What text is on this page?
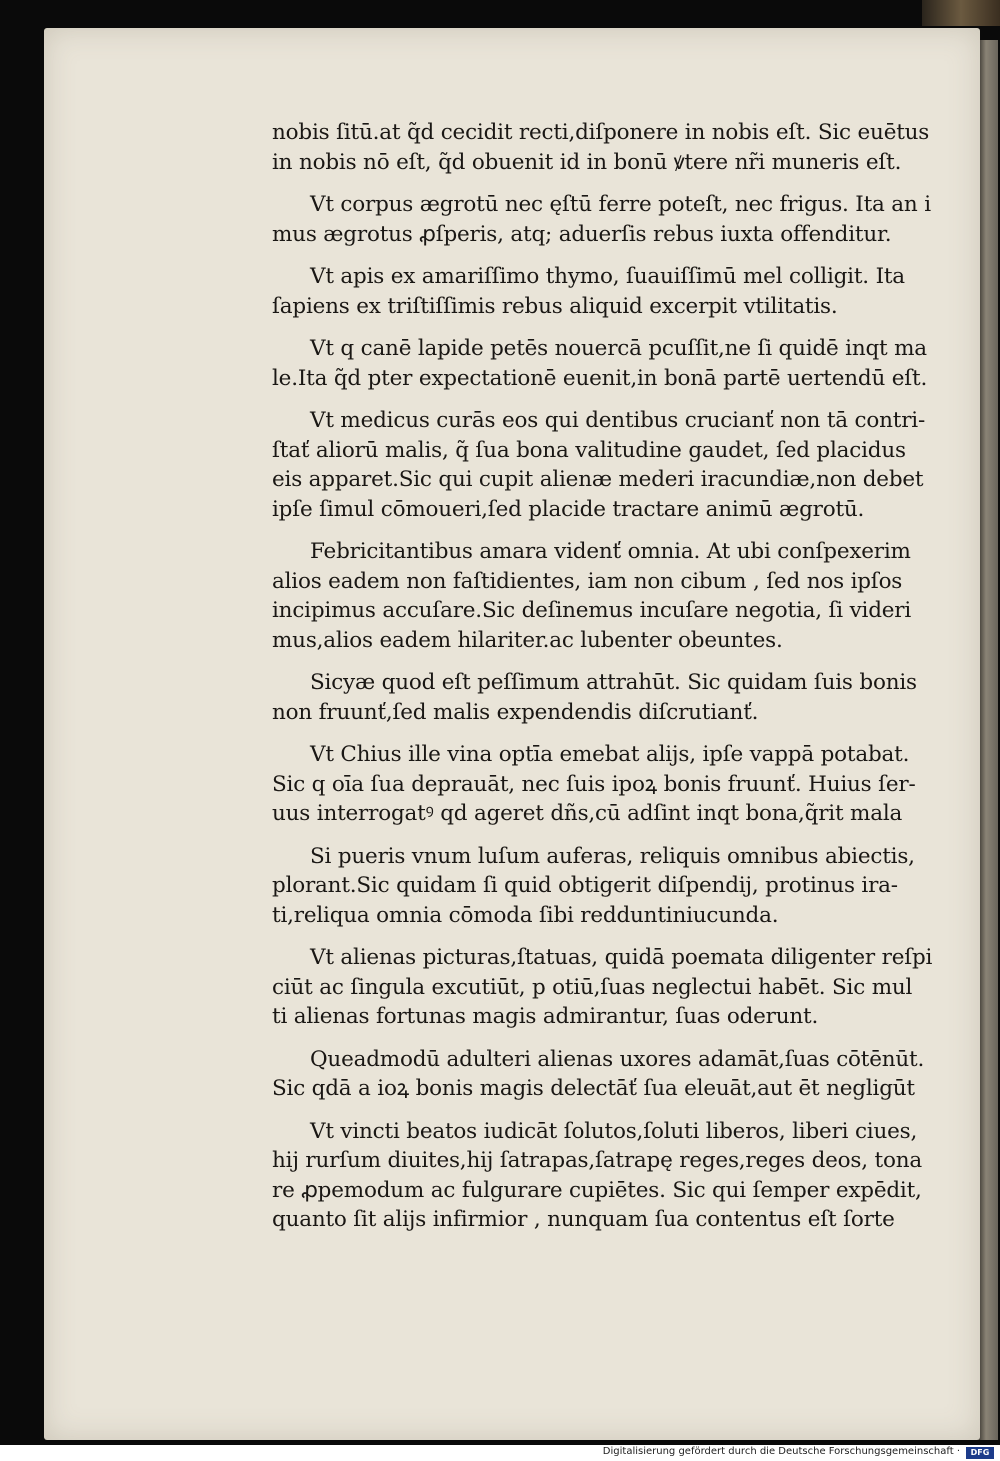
nobis ſitū.at q̃d cecidit recti,diſponere in nobis eſt. Sic euētus
in nobis nō eſt, q̃d obuenit id in bonū ꝟtere nr̃i muneris eſt.
Vt corpus ægrotū nec ęſtū ferre poteſt, nec frigus. Ita an i
mus ægrotus ꝓſperis, atq; aduerſis rebus iuxta offenditur.
Vt apis ex amariſſimo thymo, ſuauiſſimū mel colligit. Ita
ſapiens ex triſtiſſimis rebus aliquid excerpit vtilitatis.
Vt q canē lapide petēs nouercā pcuſſit,ne ſi quidē inqt ma
le.Ita q̃d pter expectationē euenit,in bonā partē uertendū eſt.
Vt medicus curās eos qui dentibus crucianť non tā contri-
ſtať aliorū malis, q̃ ſua bona valitudine gaudet, ſed placidus
eis apparet.Sic qui cupit alienæ mederi iracundiæ,non debet
ipſe ſimul cōmoueri,ſed placide tractare animū ægrotū.
Febricitantibus amara videnť omnia. At ubi conſpexerim
alios eadem non faſtidientes, iam non cibum , ſed nos ipſos
incipimus accuſare.Sic deſinemus incuſare negotia, ſi videri
mus,alios eadem hilariter.ac lubenter obeuntes.
Sicyæ quod eſt peſſimum attrahūt. Sic quidam ſuis bonis
non fruunť,ſed malis expendendis diſcrutianť.
Vt Chius ille vina optīa emebat alijs, ipſe vappā potabat.
Sic q oīa ſua deprauāt, nec ſuis ipoꝝ bonis fruunť. Huius ſer-
uus interrogatꝰ qd ageret dñs,cū adſint inqt bona,q̃rit mala
Si pueris vnum luſum auferas, reliquis omnibus abiectis,
plorant.Sic quidam ſi quid obtigerit diſpendij, protinus ira-
ti,reliqua omnia cōmoda ſibi redduntiniucunda.
Vt alienas picturas,ſtatuas, quidā poemata diligenter reſpi
ciūt ac ſingula excutiūt, p otiū,ſuas neglectui habēt. Sic mul
ti alienas fortunas magis admirantur, ſuas oderunt.
Queadmodū adulteri alienas uxores adamāt,ſuas cōtēnūt.
Sic qdā a ioꝝ bonis magis delectāť ſua eleuāt,aut ēt negligūt
Vt vincti beatos iudicāt ſolutos,ſoluti liberos, liberi ciues,
hij rurſum diuites,hij ſatrapas,ſatrapę reges,reges deos, tona
re ꝓpemodum ac fulgurare cupiētes. Sic qui ſemper expēdit,
quanto ſit alijs infirmior , nunquam ſua contentus eſt ſorte
Digitalisierung gefördert durch die Deutsche Forschungsgemeinschaft ·	DFG
